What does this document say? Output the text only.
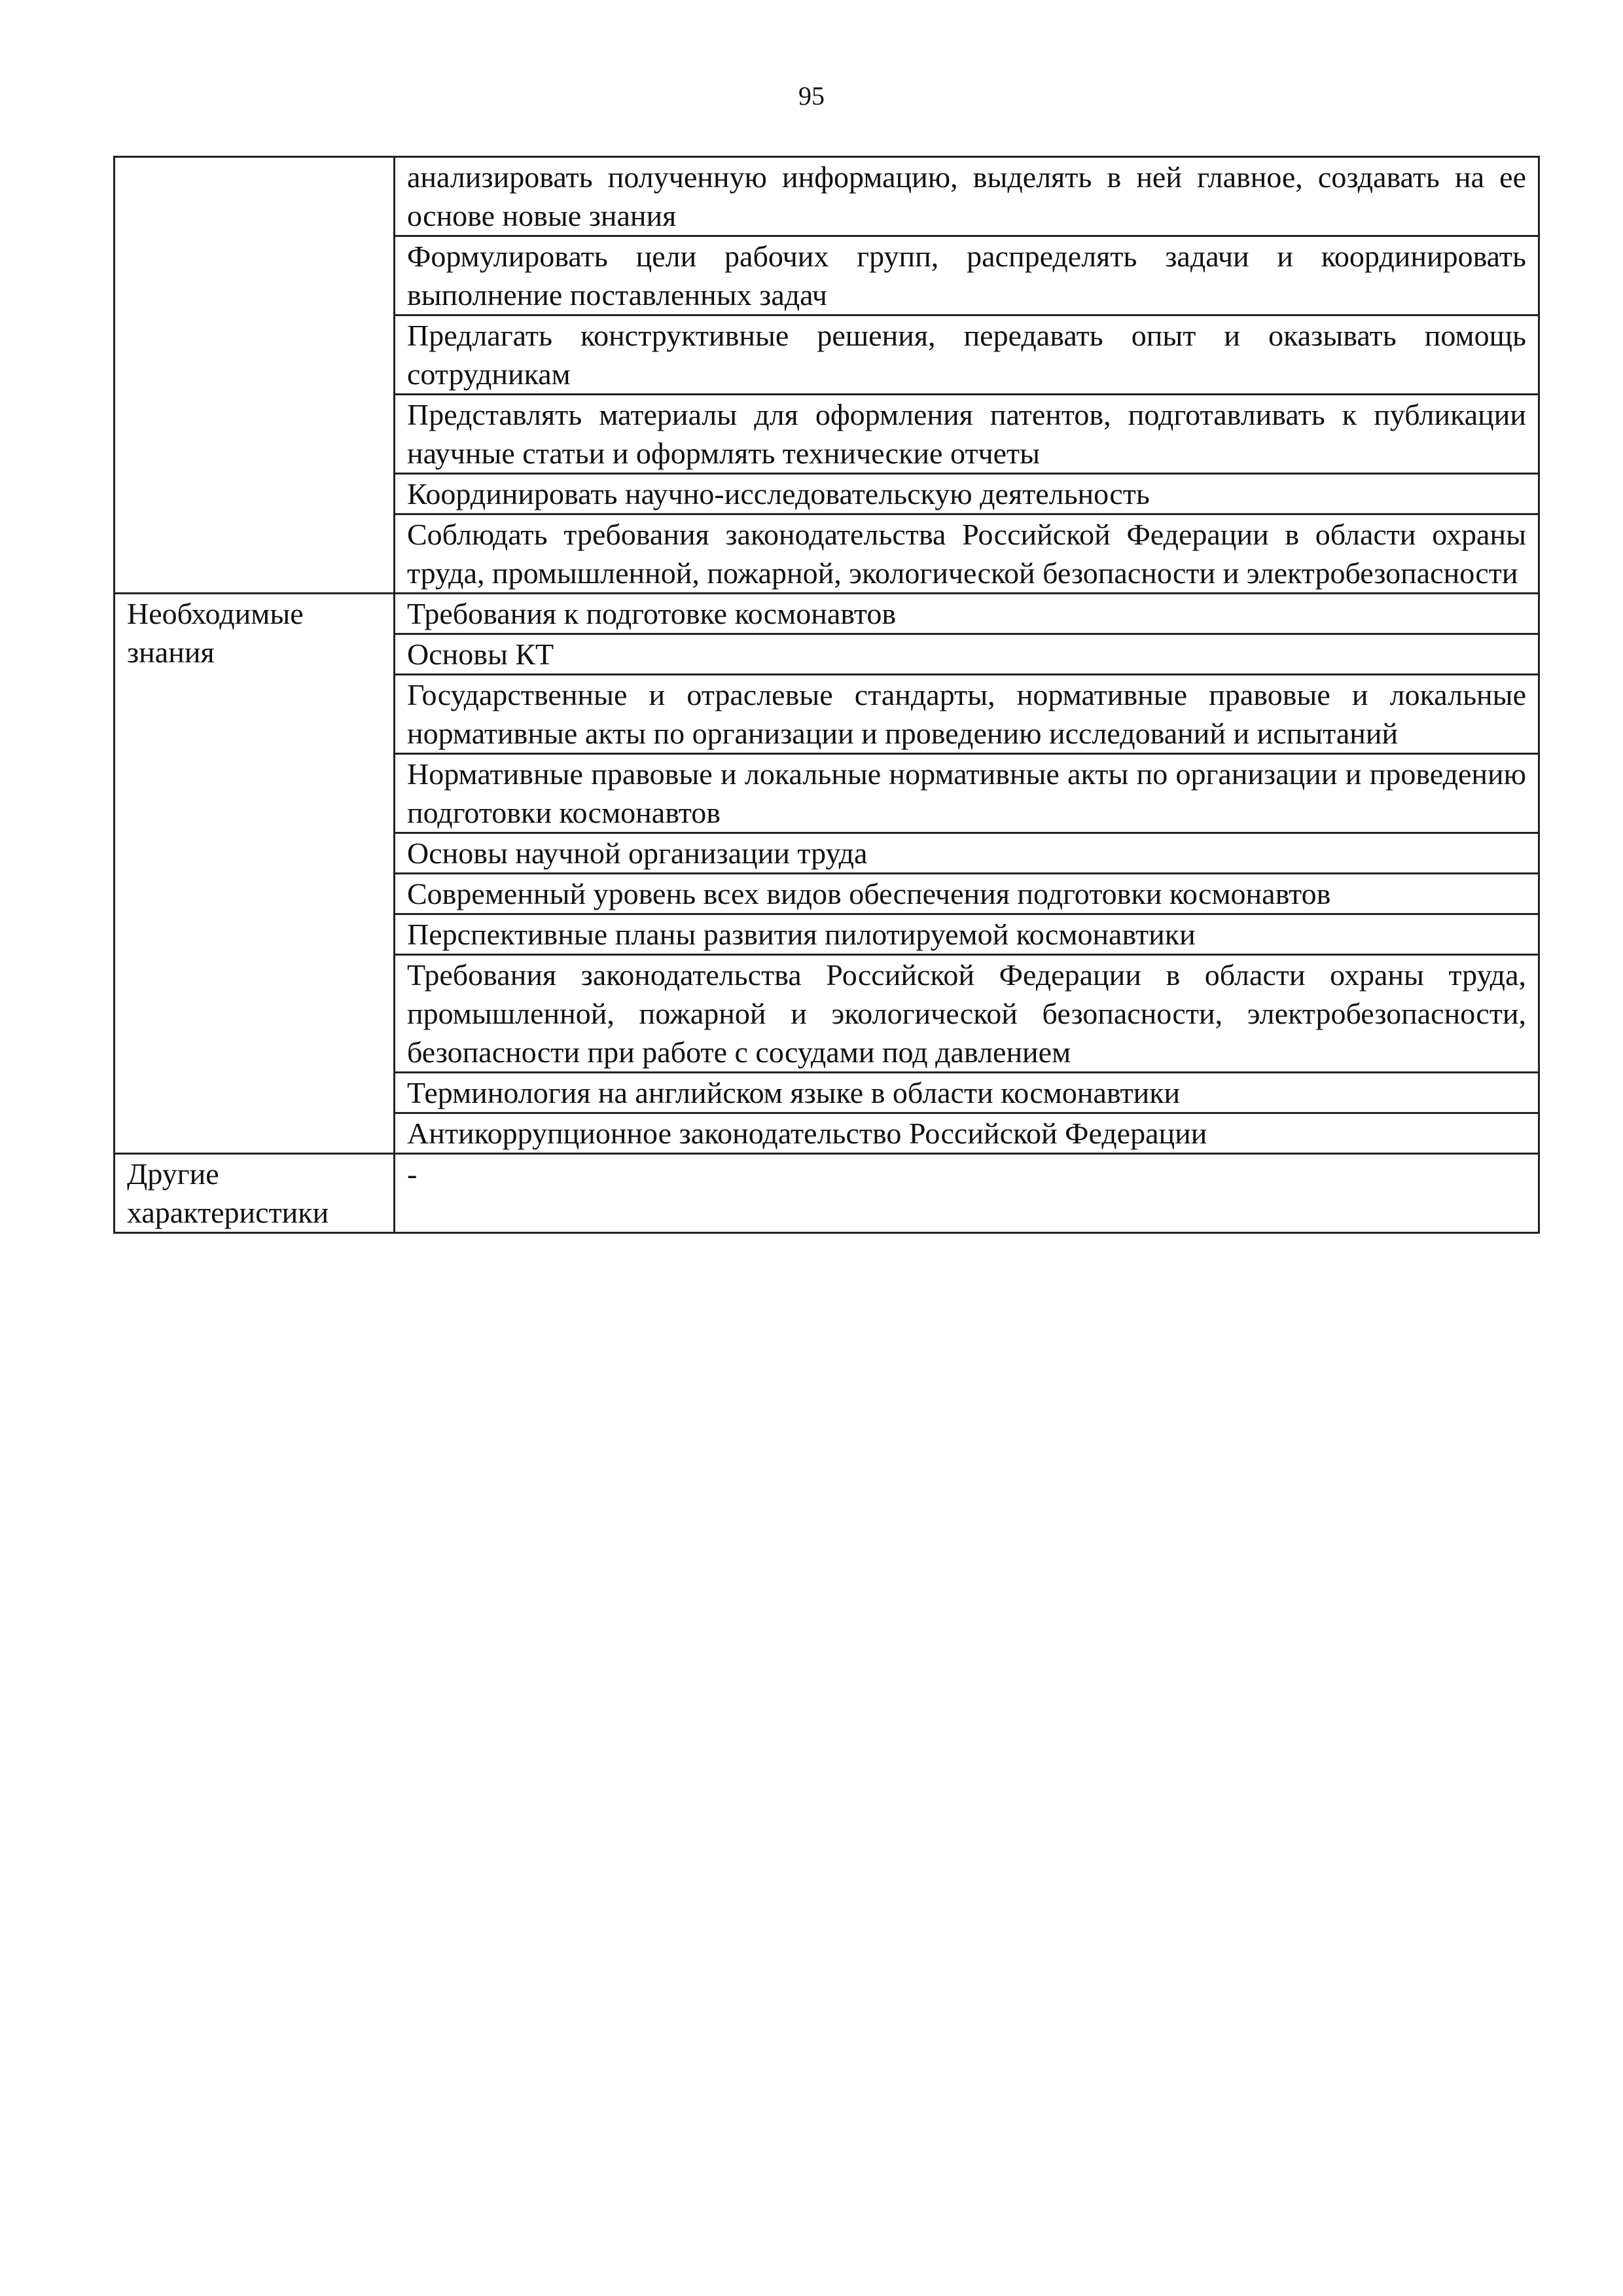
95
	анализировать полученную информацию, выделять в ней главное, создавать на ее основе новые знания
	Формулировать цели рабочих групп, распределять задачи и координировать выполнение поставленных задач
	Предлагать конструктивные решения, передавать опыт и оказывать помощь сотрудникам
	Представлять материалы для оформления патентов, подготавливать к публикации научные статьи и оформлять технические отчеты
	Координировать научно-исследовательскую деятельность
	Соблюдать требования законодательства Российской Федерации в области охраны труда, промышленной, пожарной, экологической безопасности и электробезопасности
Необходимые знания	Требования к подготовке космонавтов
	Основы КТ
	Государственные и отраслевые стандарты, нормативные правовые и локальные нормативные акты по организации и проведению исследований и испытаний
	Нормативные правовые и локальные нормативные акты по организации и проведению подготовки космонавтов
	Основы научной организации труда
	Современный уровень всех видов обеспечения подготовки космонавтов
	Перспективные планы развития пилотируемой космонавтики
	Требования законодательства Российской Федерации в области охраны труда, промышленной, пожарной и экологической безопасности, электробезопасности, безопасности при работе с сосудами под давлением
	Терминология на английском языке в области космонавтики
	Антикоррупционное законодательство Российской Федерации
Другие характеристики	-
